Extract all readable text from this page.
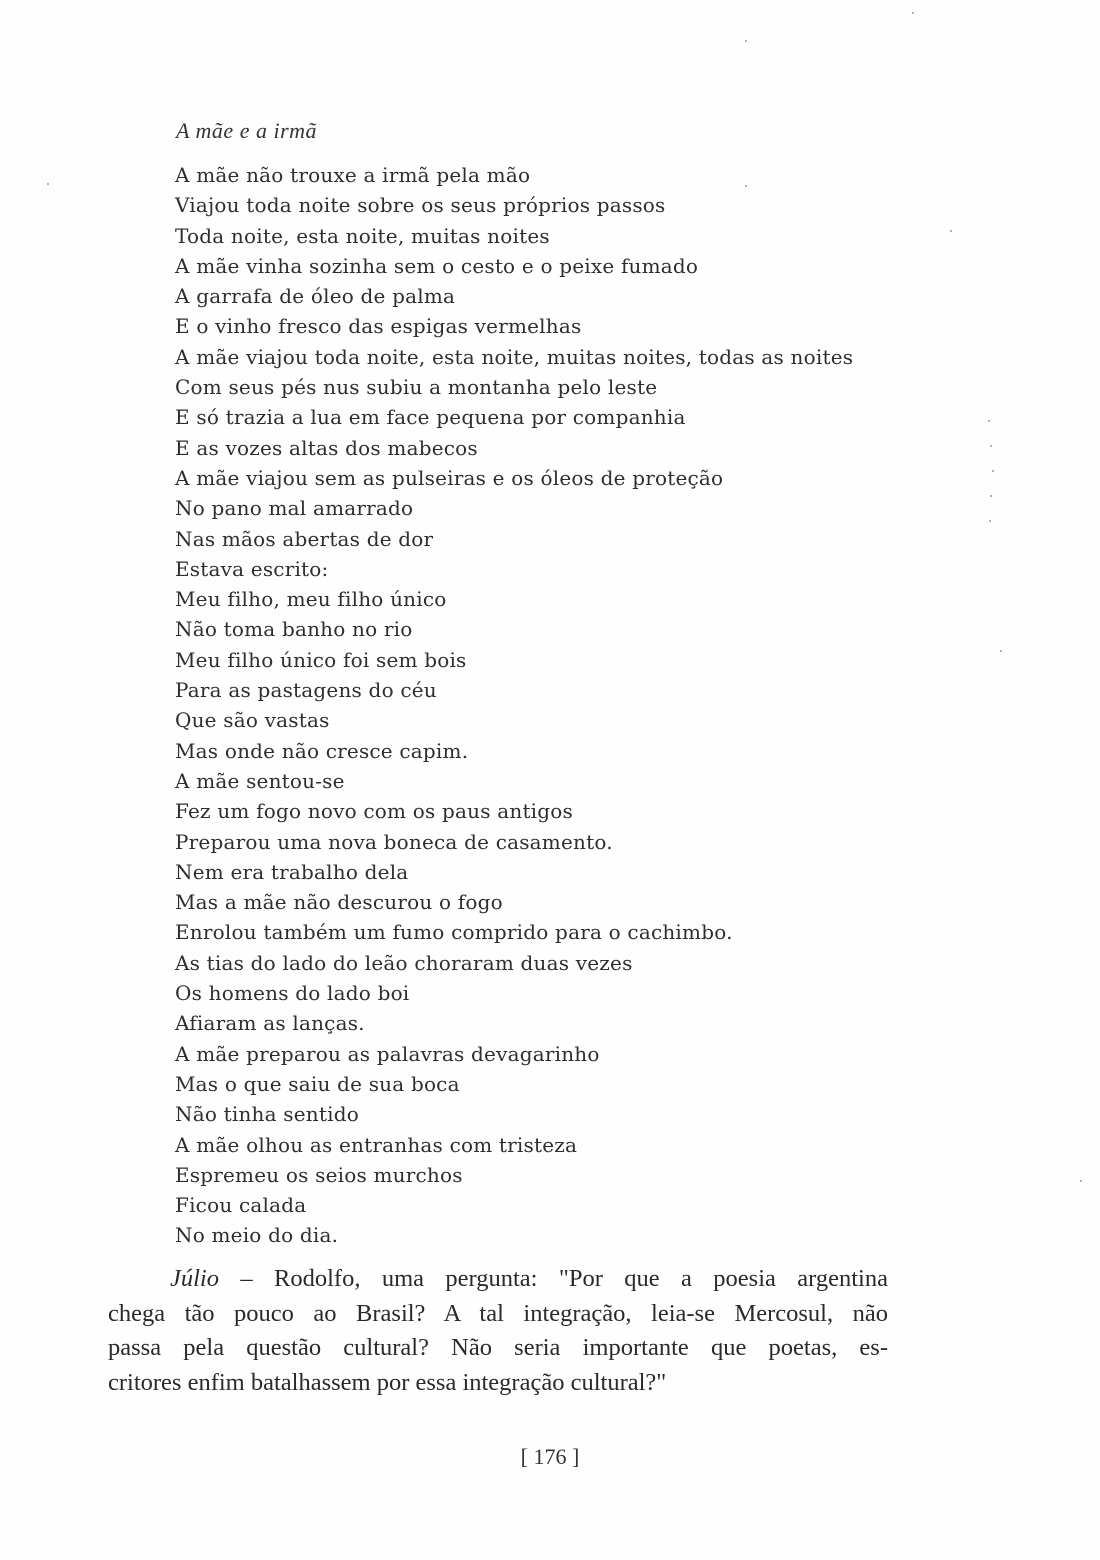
A mãe e a irmã
A mãe não trouxe a irmã pela mão
Viajou toda noite sobre os seus próprios passos
Toda noite, esta noite, muitas noites
A mãe vinha sozinha sem o cesto e o peixe fumado
A garrafa de óleo de palma
E o vinho fresco das espigas vermelhas
A mãe viajou toda noite, esta noite, muitas noites, todas as noites
Com seus pés nus subiu a montanha pelo leste
E só trazia a lua em face pequena por companhia
E as vozes altas dos mabecos
A mãe viajou sem as pulseiras e os óleos de proteção
No pano mal amarrado
Nas mãos abertas de dor
Estava escrito:
Meu filho, meu filho único
Não toma banho no rio
Meu filho único foi sem bois
Para as pastagens do céu
Que são vastas
Mas onde não cresce capim.
A mãe sentou-se
Fez um fogo novo com os paus antigos
Preparou uma nova boneca de casamento.
Nem era trabalho dela
Mas a mãe não descurou o fogo
Enrolou também um fumo comprido para o cachimbo.
As tias do lado do leão choraram duas vezes
Os homens do lado boi
Afiaram as lanças.
A mãe preparou as palavras devagarinho
Mas o que saiu de sua boca
Não tinha sentido
A mãe olhou as entranhas com tristeza
Espremeu os seios murchos
Ficou calada
No meio do dia.

Júlio – Rodolfo, uma pergunta: "Por que a poesia argentina
chega tão pouco ao Brasil? A tal integração, leia-se Mercosul, não
passa pela questão cultural? Não seria importante que poetas, es-
critores enfim batalhassem por essa integração cultural?"

[ 176 ]
